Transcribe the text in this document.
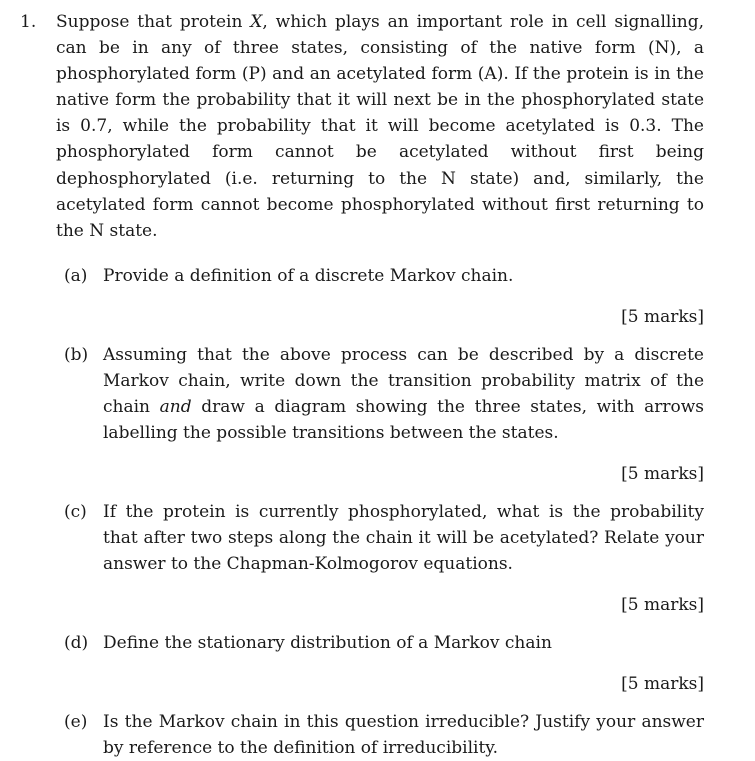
1. Suppose that protein X, which plays an important role in cell signalling, can be in any of three states, consisting of the native form (N), a phosphorylated form (P) and an acetylated form (A). If the protein is in the native form the probability that it will next be in the phosphorylated state is 0.7, while the probability that it will become acetylated is 0.3. The phosphorylated form cannot be acetylated without first being dephosphorylated (i.e. returning to the N state) and, similarly, the acetylated form cannot become phosphorylated without first returning to the N state.

(a) Provide a definition of a discrete Markov chain.
[5 marks]
(b) Assuming that the above process can be described by a discrete Markov chain, write down the transition probability matrix of the chain and draw a diagram showing the three states, with arrows labelling the possible transitions between the states.
[5 marks]
(c) If the protein is currently phosphorylated, what is the probability that after two steps along the chain it will be acetylated? Relate your answer to the Chapman-Kolmogorov equations.
[5 marks]
(d) Define the stationary distribution of a Markov chain
[5 marks]
(e) Is the Markov chain in this question irreducible? Justify your answer by reference to the definition of irreducibility.
